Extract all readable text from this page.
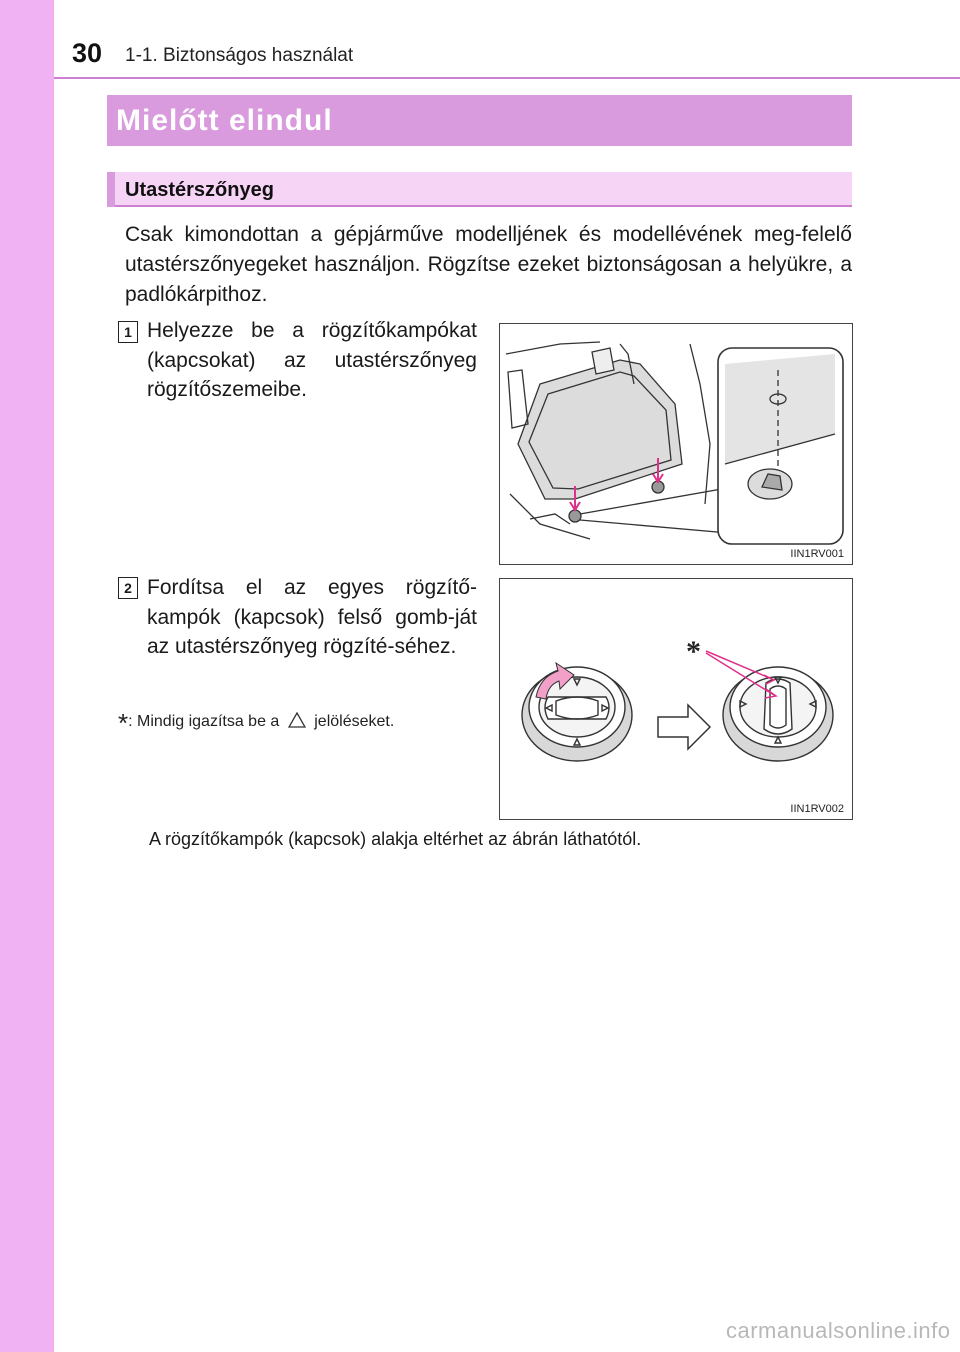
30 1-1. Biztonságos használat
Mielőtt elindul
Utastérszőnyeg
Csak kimondottan a gépjárműve modelljének és modellévének meg-felelő utastérszőnyegeket használjon. Rögzítse ezeket biztonságosan a helyükre, a padlókárpithoz.
1 Helyezze be a rögzítőkampókat (kapcsokat) az utastérszőnyeg rögzítőszemeibe.
IIN1RV001
2 Fordítsa el az egyes rögzítő-kampók (kapcsok) felső gomb-ját az utastérszőnyeg rögzíté-séhez.
*: Mindig igazítsa be a jelöléseket.
*
IIN1RV002
A rögzítőkampók (kapcsok) alakja eltérhet az ábrán láthatótól.
carmanualsonline.info
